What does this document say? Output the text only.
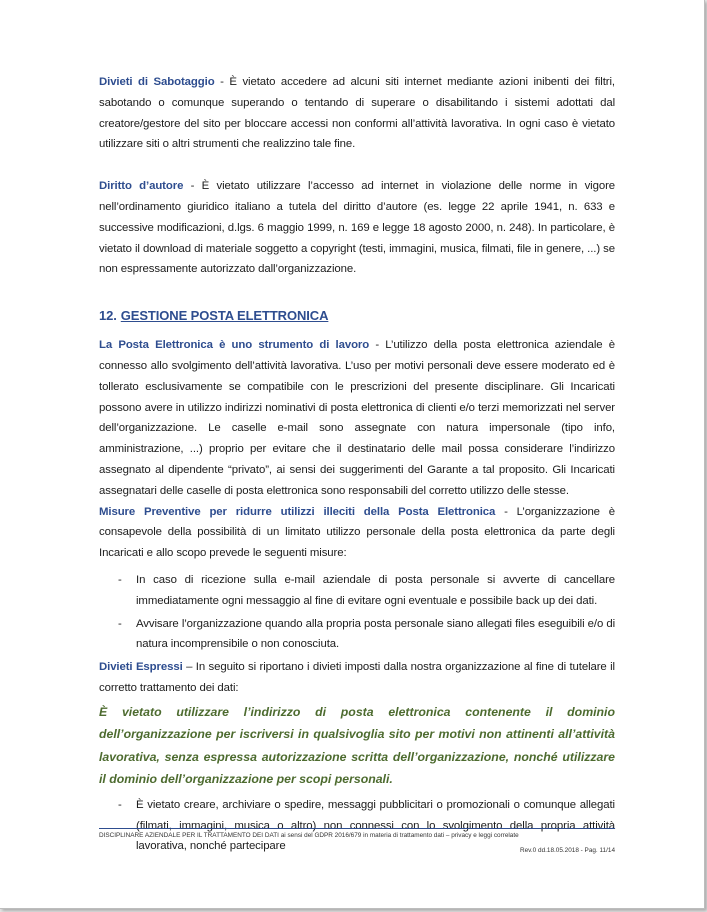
Divieti di Sabotaggio - È vietato accedere ad alcuni siti internet mediante azioni inibenti dei filtri, sabotando o comunque superando o tentando di superare o disabilitando i sistemi adottati dal creatore/gestore del sito per bloccare accessi non conformi all’attività lavorativa. In ogni caso è vietato utilizzare siti o altri strumenti che realizzino tale fine.

Diritto d’autore - È vietato utilizzare l’accesso ad internet in violazione delle norme in vigore nell’ordinamento giuridico italiano a tutela del diritto d’autore (es. legge 22 aprile 1941, n. 633 e successive modificazioni, d.lgs. 6 maggio 1999, n. 169 e legge 18 agosto 2000, n. 248). In particolare, è vietato il download di materiale soggetto a copyright (testi, immagini, musica, filmati, file in genere, ...) se non espressamente autorizzato dall’organizzazione.

12. GESTIONE POSTA ELETTRONICA

La Posta Elettronica è uno strumento di lavoro - L’utilizzo della posta elettronica aziendale è connesso allo svolgimento dell’attività lavorativa. L’uso per motivi personali deve essere moderato ed è tollerato esclusivamente se compatibile con le prescrizioni del presente disciplinare. Gli Incaricati possono avere in utilizzo indirizzi nominativi di posta elettronica di clienti e/o terzi memorizzati nel server dell’organizzazione. Le caselle e-mail sono assegnate con natura impersonale (tipo info, amministrazione, ...) proprio per evitare che il destinatario delle mail possa considerare l’indirizzo assegnato al dipendente “privato”, ai sensi dei suggerimenti del Garante a tal proposito. Gli Incaricati assegnatari delle caselle di posta elettronica sono responsabili del corretto utilizzo delle stesse.

Misure Preventive per ridurre utilizzi illeciti della Posta Elettronica - L’organizzazione è consapevole della possibilità di un limitato utilizzo personale della posta elettronica da parte degli Incaricati e allo scopo prevede le seguenti misure:

- In caso di ricezione sulla e-mail aziendale di posta personale si avverte di cancellare immediatamente ogni messaggio al fine di evitare ogni eventuale e possibile back up dei dati.
- Avvisare l’organizzazione quando alla propria posta personale siano allegati files eseguibili e/o di natura incomprensibile o non conosciuta.

Divieti Espressi – In seguito si riportano i divieti imposti dalla nostra organizzazione al fine di tutelare il corretto trattamento dei dati:

È vietato utilizzare l’indirizzo di posta elettronica contenente il dominio dell’organizzazione per iscriversi in qualsivoglia sito per motivi non attinenti all’attività lavorativa, senza espressa autorizzazione scritta dell’organizzazione, nonché utilizzare il dominio dell’organizzazione per scopi personali.

- È vietato creare, archiviare o spedire, messaggi pubblicitari o promozionali o comunque allegati (filmati, immagini, musica o altro) non connessi con lo svolgimento della propria attività lavorativa, nonché partecipare
DISCIPLINARE AZIENDALE PER IL TRATTAMENTO DEI DATI ai sensi del GDPR 2016/679 in materia di trattamento dati – privacy e leggi correlate
Rev.0 dd.18.05.2018 - Pag. 11/14
